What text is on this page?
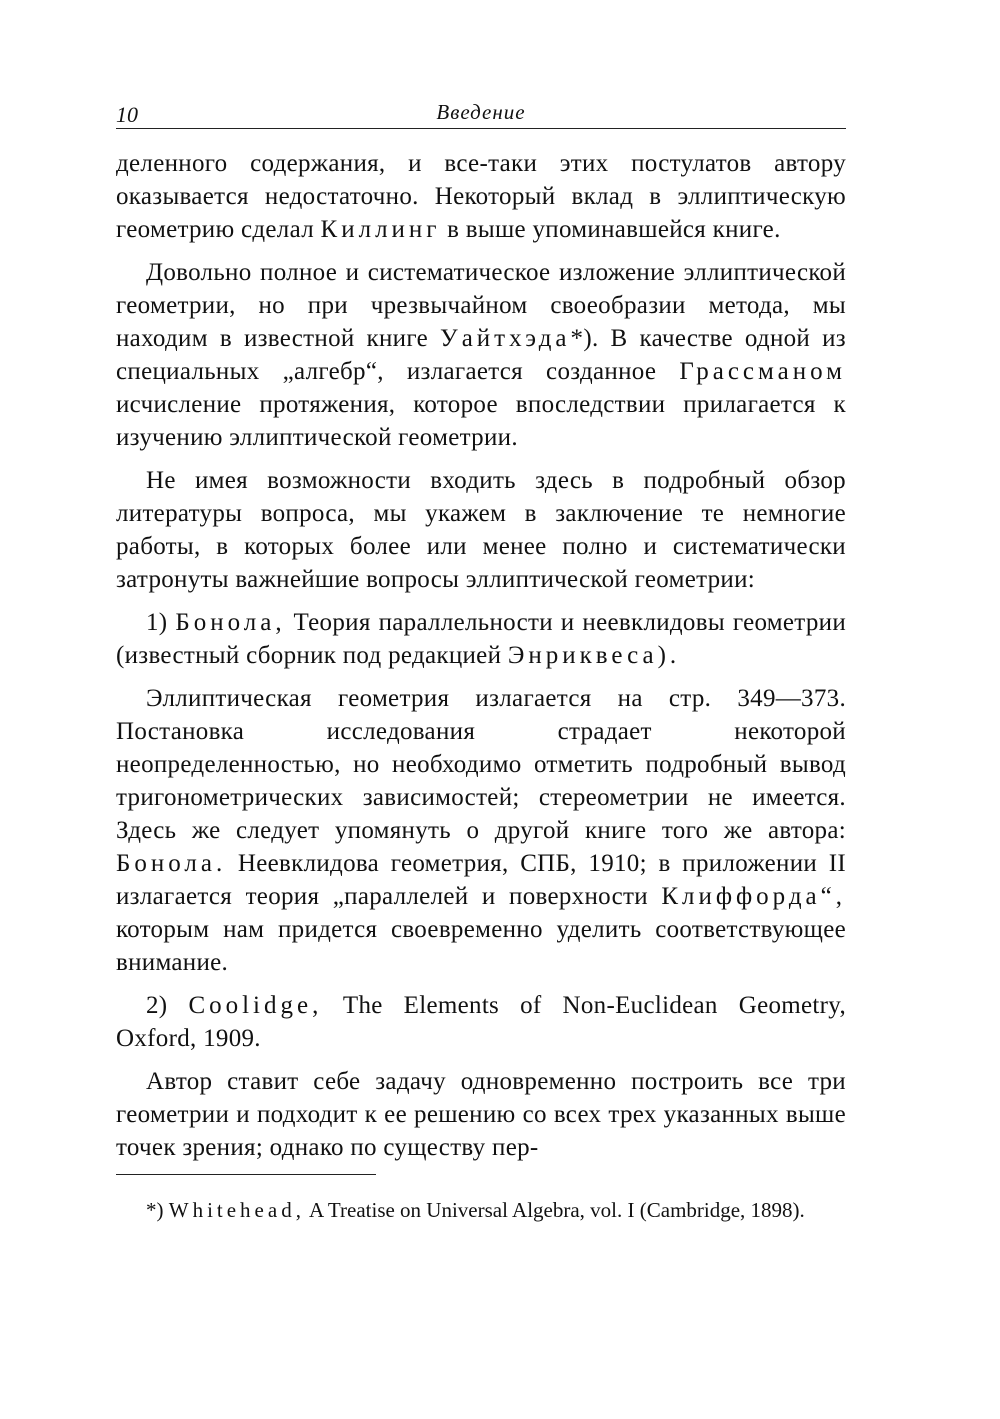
10	Введение

деленного содержания, и все-таки этих постулатов автору оказывается недостаточно. Некоторый вклад в эллиптическую геометрию сделал Киллинг в выше упоминавшейся книге.

Довольно полное и систематическое изложение эллиптической геометрии, но при чрезвычайном своеобразии метода, мы находим в известной книге Уайтхэда*). В качестве одной из специальных „алгебр“, излагается созданное Грассманом исчисление протяжения, которое впоследствии прилагается к изучению эллиптической геометрии.

Не имея возможности входить здесь в подробный обзор литературы вопроса, мы укажем в заключение те немногие работы, в которых более или менее полно и систематически затронуты важнейшие вопросы эллиптической геометрии:

1) Бонола, Теория параллельности и неевклидовы геометрии (известный сборник под редакцией Энриквеса).

Эллиптическая геометрия излагается на стр. 349—373. Постановка исследования страдает некоторой неопределенностью, но необходимо отметить подробный вывод тригонометрических зависимостей; стереометрии не имеется. Здесь же следует упомянуть о другой книге того же автора: Бонола. Неевклидова геометрия, СПБ, 1910; в приложении II излагается теория „параллелей и поверхности Клиффорда“, которым нам придется своевременно уделить соответствующее внимание.

2) Coolidge, The Elements of Non-Euclidean Geometry, Oxford, 1909.

Автор ставит себе задачу одновременно построить все три геометрии и подходит к ее решению со всех трех указанных выше точек зрения; однако по существу пер-

*) Whitehead, A Treatise on Universal Algebra, vol. I (Cambridge, 1898).
